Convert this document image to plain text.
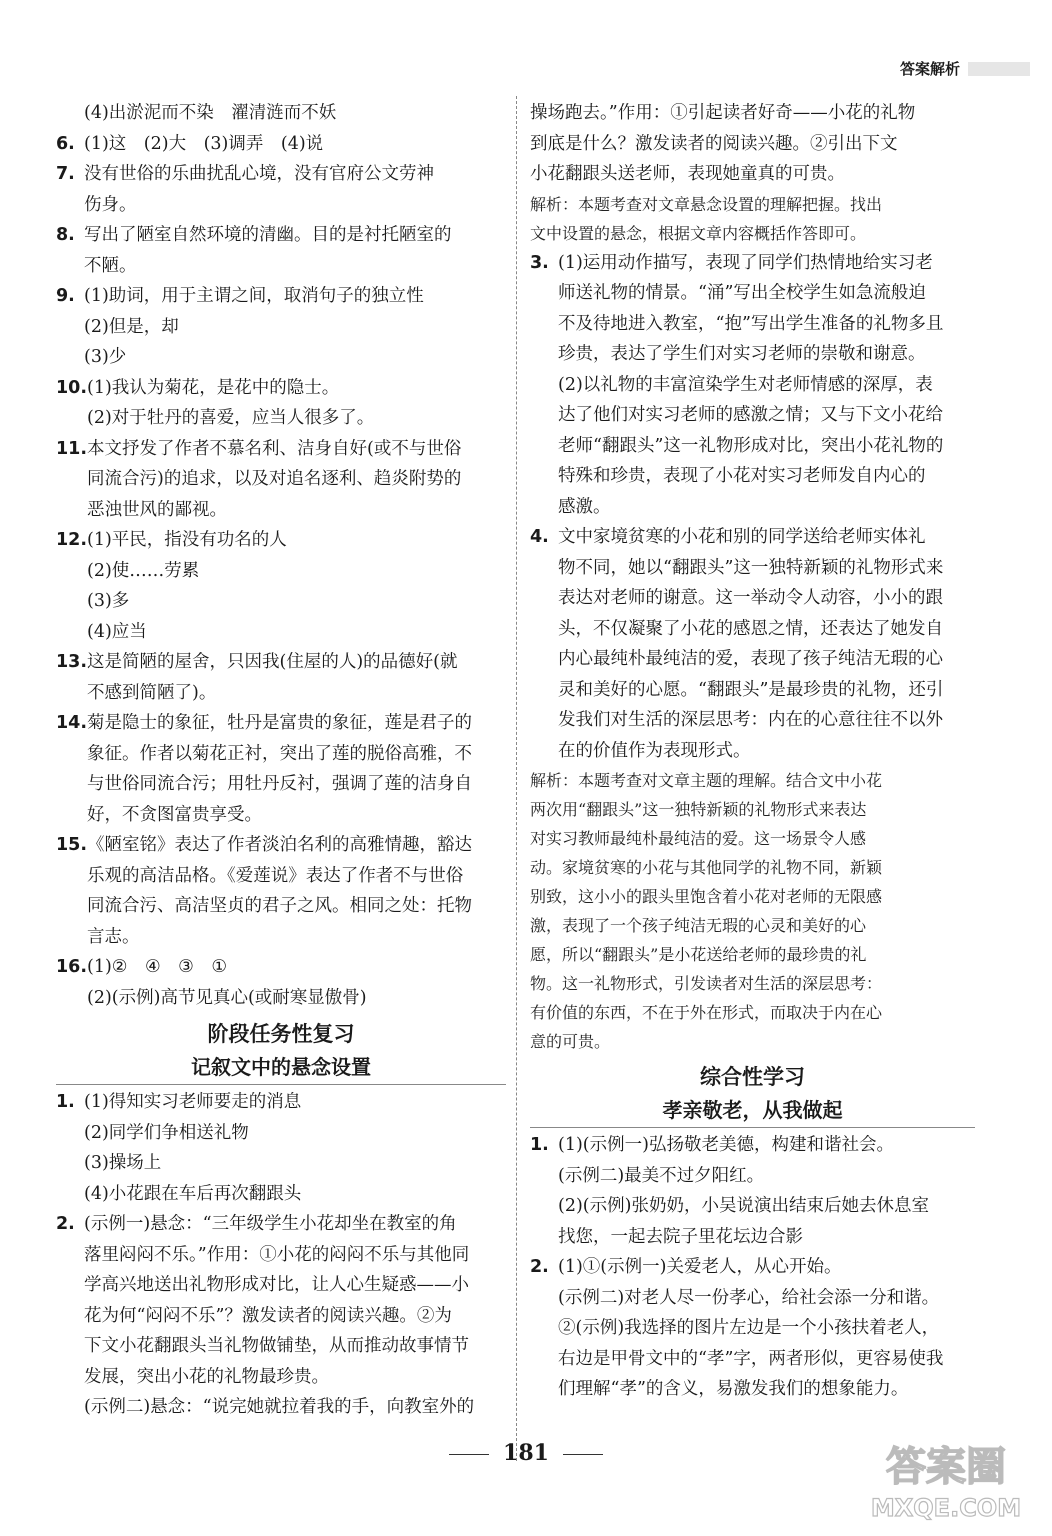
答案解析
(4)出淤泥而不染　濯清涟而不妖
6. (1)这　(2)大　(3)调弄　(4)说
7. 没有世俗的乐曲扰乱心境，没有官府公文劳神
伤身。
8. 写出了陋室自然环境的清幽。目的是衬托陋室的
不陋。
9. (1)助词，用于主谓之间，取消句子的独立性
(2)但是，却
(3)少
10. (1)我认为菊花，是花中的隐士。
(2)对于牡丹的喜爱，应当人很多了。
11. 本文抒发了作者不慕名利、洁身自好(或不与世俗
同流合污)的追求，以及对追名逐利、趋炎附势的
恶浊世风的鄙视。
12. (1)平民，指没有功名的人
(2)使……劳累
(3)多
(4)应当
13. 这是简陋的屋舍，只因我(住屋的人)的品德好(就
不感到简陋了)。
14. 菊是隐士的象征，牡丹是富贵的象征，莲是君子的
象征。作者以菊花正衬，突出了莲的脱俗高雅，不
与世俗同流合污；用牡丹反衬，强调了莲的洁身自
好，不贪图富贵享受。
15. 《陋室铭》表达了作者淡泊名利的高雅情趣，豁达
乐观的高洁品格。《爱莲说》表达了作者不与世俗
同流合污、高洁坚贞的君子之风。相同之处：托物
言志。
16. (1)②　④　③　①
(2)(示例)高节见真心(或耐寒显傲骨)
阶段任务性复习
记叙文中的悬念设置
1. (1)得知实习老师要走的消息
(2)同学们争相送礼物
(3)操场上
(4)小花跟在车后再次翻跟头
2. (示例一)悬念：“三年级学生小花却坐在教室的角
落里闷闷不乐。”作用：①小花的闷闷不乐与其他同
学高兴地送出礼物形成对比，让人心生疑惑——小
花为何“闷闷不乐”？激发读者的阅读兴趣。②为
下文小花翻跟头当礼物做铺垫，从而推动故事情节
发展，突出小花的礼物最珍贵。
(示例二)悬念：“说完她就拉着我的手，向教室外的
操场跑去。”作用：①引起读者好奇——小花的礼物
到底是什么？激发读者的阅读兴趣。②引出下文
小花翻跟头送老师，表现她童真的可贵。
解析：本题考查对文章悬念设置的理解把握。找出
文中设置的悬念，根据文章内容概括作答即可。
3. (1)运用动作描写，表现了同学们热情地给实习老
师送礼物的情景。“涌”写出全校学生如急流般迫
不及待地进入教室，“抱”写出学生准备的礼物多且
珍贵，表达了学生们对实习老师的崇敬和谢意。
(2)以礼物的丰富渲染学生对老师情感的深厚，表
达了他们对实习老师的感激之情；又与下文小花给
老师“翻跟头”这一礼物形成对比，突出小花礼物的
特殊和珍贵，表现了小花对实习老师发自内心的
感激。
4. 文中家境贫寒的小花和别的同学送给老师实体礼
物不同，她以“翻跟头”这一独特新颖的礼物形式来
表达对老师的谢意。这一举动令人动容，小小的跟
头，不仅凝聚了小花的感恩之情，还表达了她发自
内心最纯朴最纯洁的爱，表现了孩子纯洁无瑕的心
灵和美好的心愿。“翻跟头”是最珍贵的礼物，还引
发我们对生活的深层思考：内在的心意往往不以外
在的价值作为表现形式。
解析：本题考查对文章主题的理解。结合文中小花
两次用“翻跟头”这一独特新颖的礼物形式来表达
对实习教师最纯朴最纯洁的爱。这一场景令人感
动。家境贫寒的小花与其他同学的礼物不同，新颖
别致，这小小的跟头里饱含着小花对老师的无限感
激，表现了一个孩子纯洁无瑕的心灵和美好的心
愿，所以“翻跟头”是小花送给老师的最珍贵的礼
物。这一礼物形式，引发读者对生活的深层思考：
有价值的东西，不在于外在形式，而取决于内在心
意的可贵。
综合性学习
孝亲敬老，从我做起
1. (1)(示例一)弘扬敬老美德，构建和谐社会。
(示例二)最美不过夕阳红。
(2)(示例)张奶奶，小吴说演出结束后她去休息室
找您，一起去院子里花坛边合影
2. (1)①(示例一)关爱老人，从心开始。
(示例二)对老人尽一份孝心，给社会添一分和谐。
②(示例)我选择的图片左边是一个小孩扶着老人，
右边是甲骨文中的“孝”字，两者形似，更容易使我
们理解“孝”的含义，易激发我们的想象能力。
181	答案圈
MXQE.COM
